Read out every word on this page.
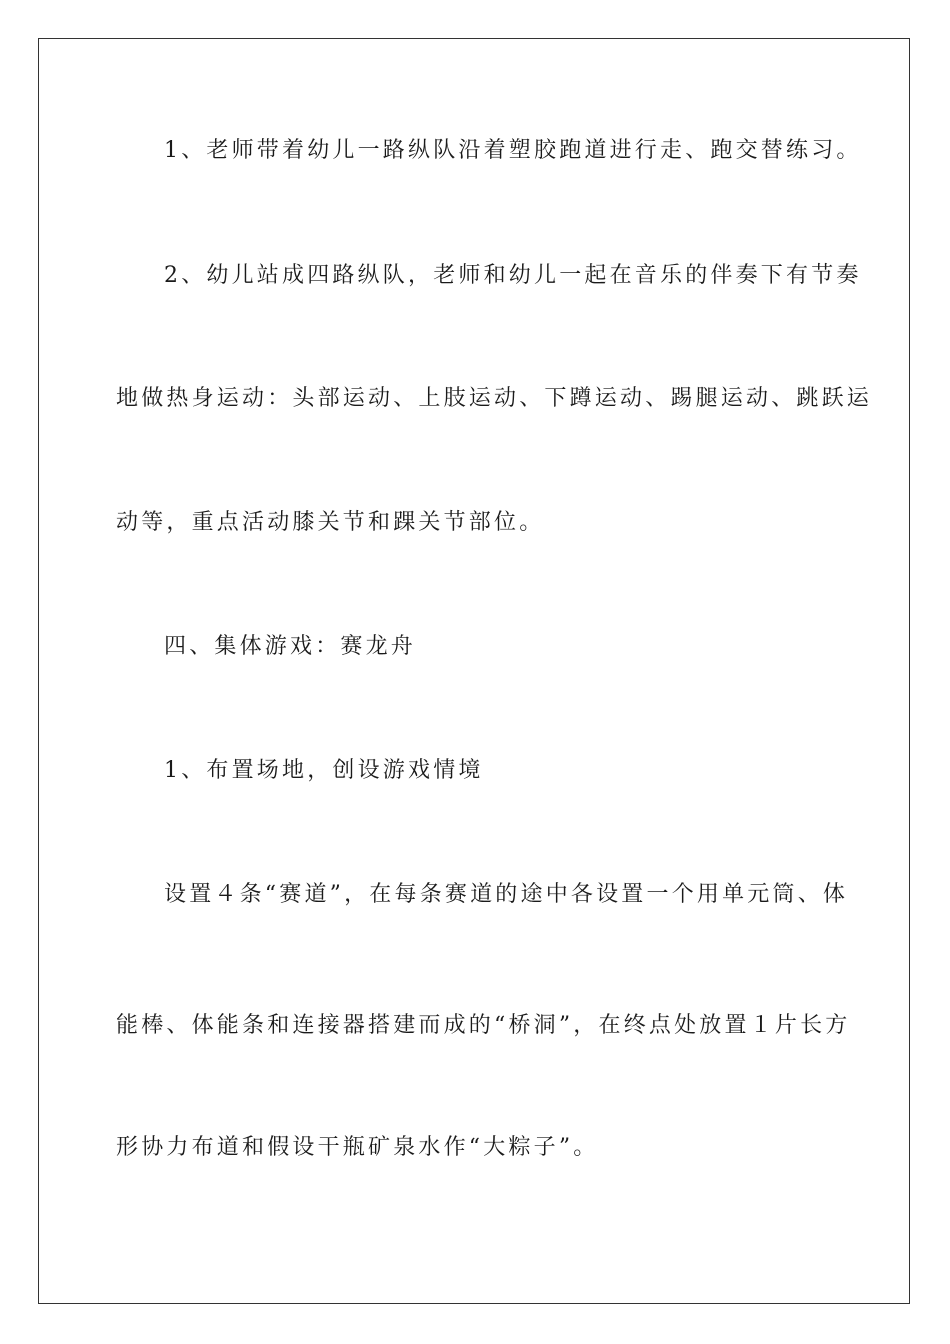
1、老师带着幼儿一路纵队沿着塑胶跑道进行走、跑交替练习。
2、幼儿站成四路纵队，老师和幼儿一起在音乐的伴奏下有节奏
地做热身运动：头部运动、上肢运动、下蹲运动、踢腿运动、跳跃运
动等，重点活动膝关节和踝关节部位。
四、集体游戏：赛龙舟
1、布置场地，创设游戏情境
设置４条“赛道”，在每条赛道的途中各设置一个用单元筒、体
能棒、体能条和连接器搭建而成的“桥洞”，在终点处放置１片长方
形协力布道和假设干瓶矿泉水作“大粽子”。
